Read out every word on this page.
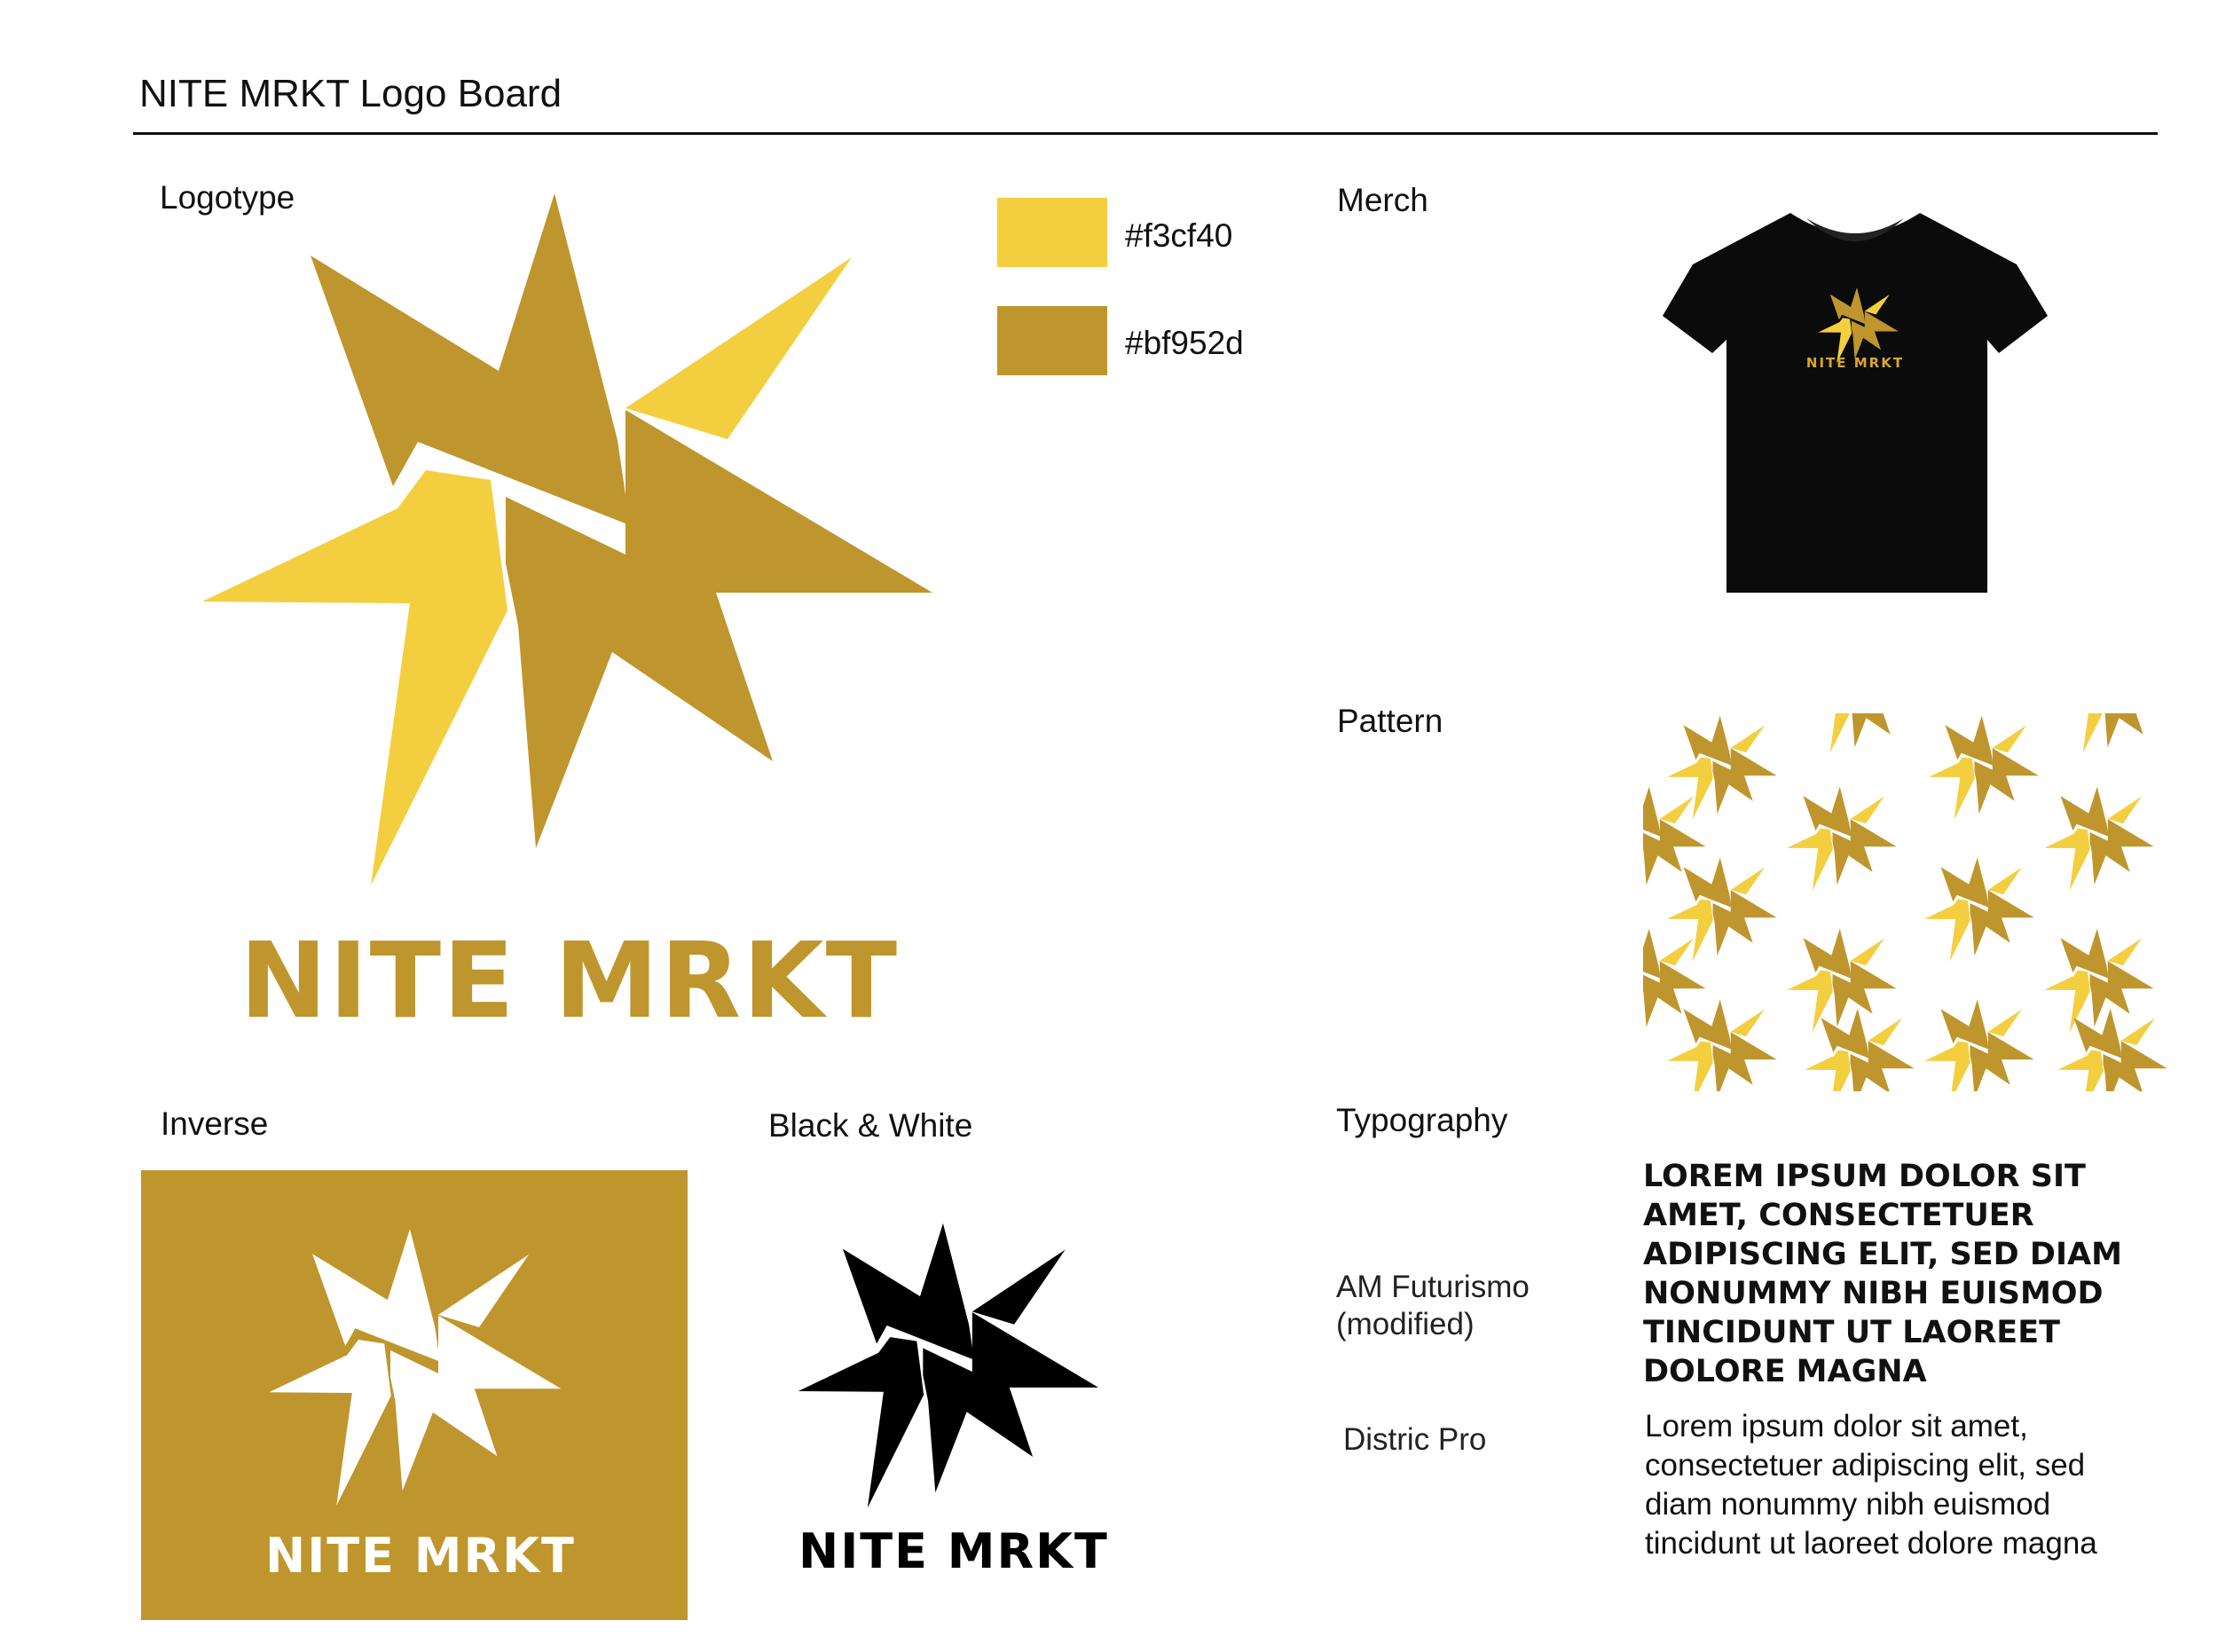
NITE MRKT Logo Board
Logotype
NITE MRKT
#f3cf40
#bf952d
Merch
NITE MRKT
Pattern
Inverse
NITE MRKT
Black & White
NITE MRKT
Typography
AM Futurismo
(modified)
LOREM IPSUM DOLOR SIT AMET, CONSECTETUER ADIPISCING ELIT, SED DIAM NONUMMY NIBH EUISMOD TINCIDUNT UT LAOREET DOLORE MAGNA
Distric Pro	Lorem ipsum dolor sit amet, consectetuer adipiscing elit, sed diam nonummy nibh euismod tincidunt ut laoreet dolore magna
